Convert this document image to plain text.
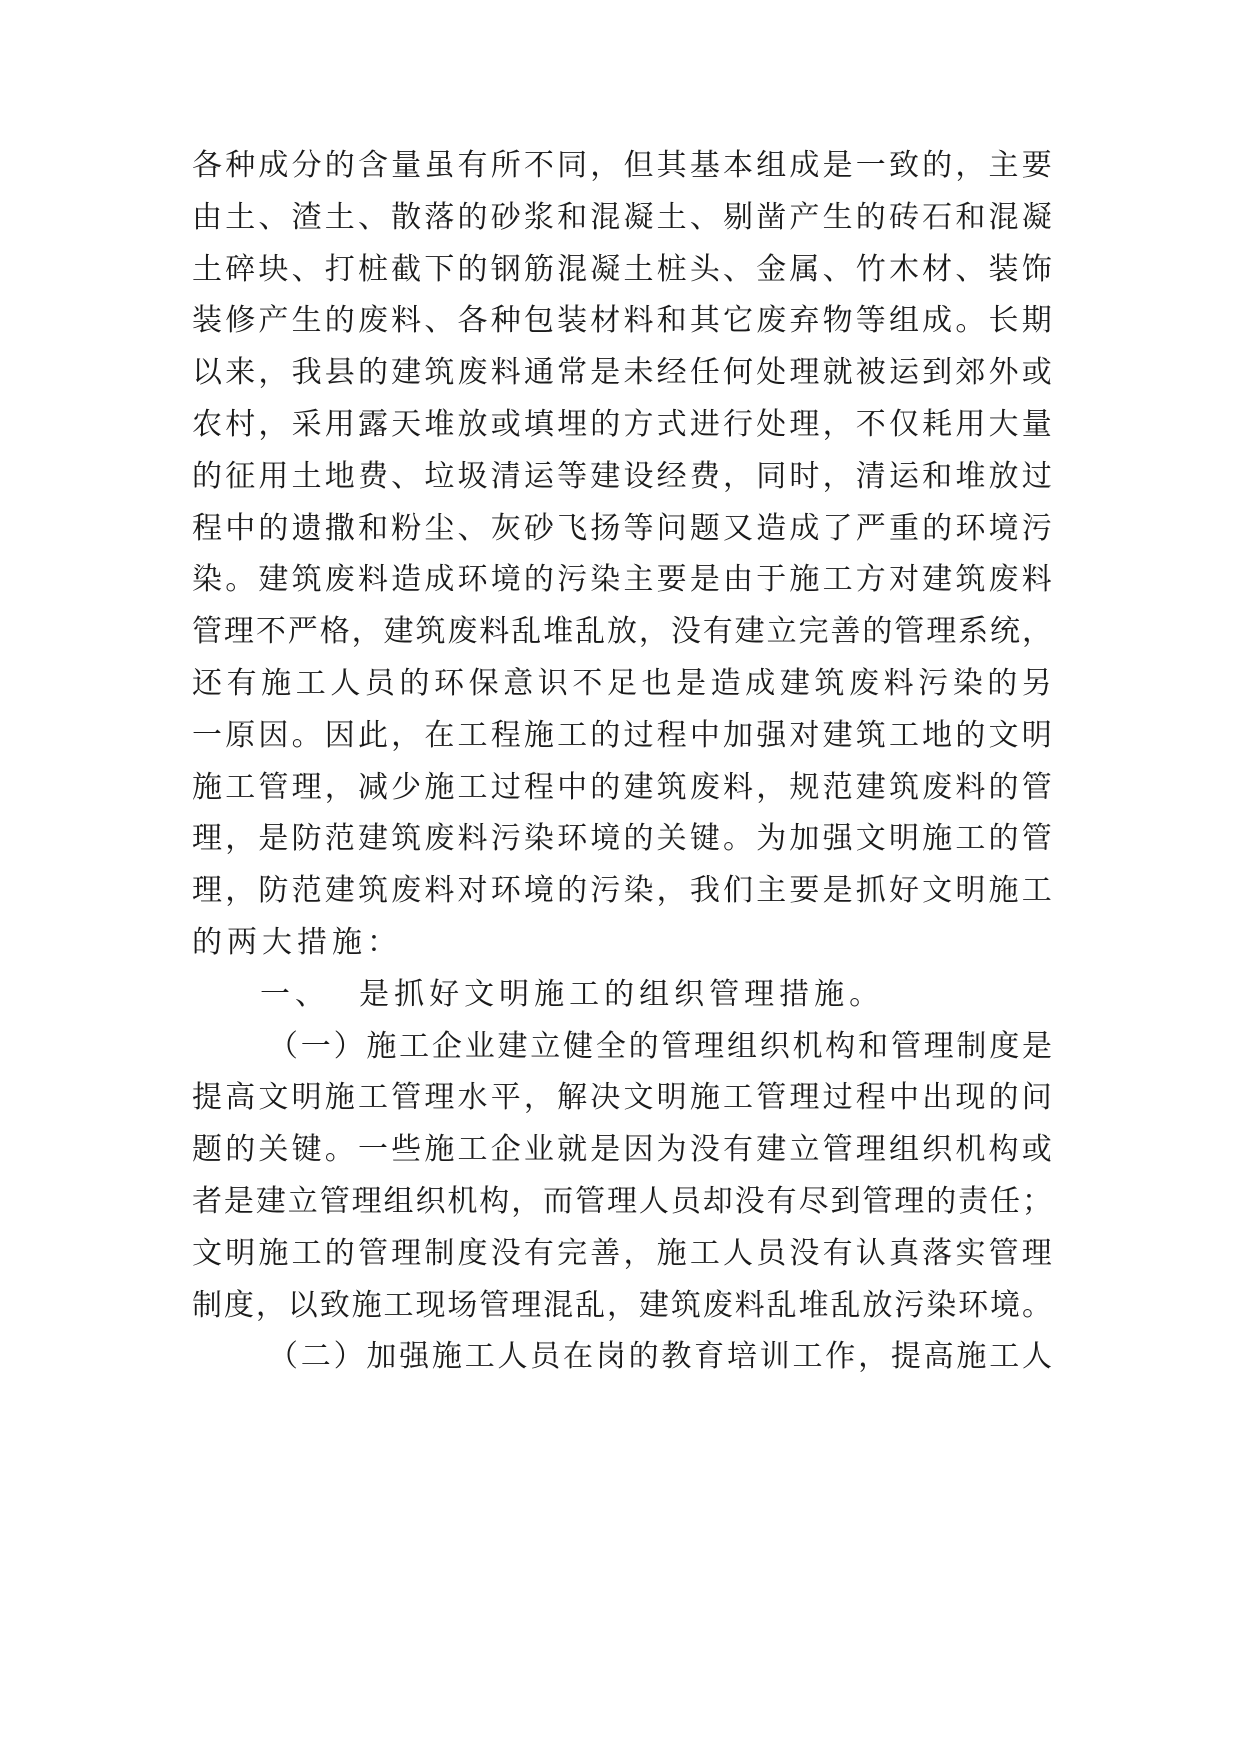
各 种 成 分 的 含 量 虽 有 所 不 同 ， 但 其 基 本 组 成 是 一 致 的 ， 主 要
由 土 、 渣 土 、 散 落 的 砂 浆 和 混 凝 土 、 剔 凿 产 生 的 砖 石 和 混 凝
土 碎 块 、 打 桩 截 下 的 钢 筋 混 凝 土 桩 头 、 金 属 、 竹 木 材 、 装 饰
装 修 产 生 的 废 料 、 各 种 包 装 材 料 和 其 它 废 弃 物 等 组 成 。 长 期
以 来 ， 我 县 的 建 筑 废 料 通 常 是 未 经 任 何 处 理 就 被 运 到 郊 外 或
农 村 ， 采 用 露 天 堆 放 或 填 埋 的 方 式 进 行 处 理 ， 不 仅 耗 用 大 量
的 征 用 土 地 费 、 垃 圾 清 运 等 建 设 经 费 ， 同 时 ， 清 运 和 堆 放 过
程 中 的 遗 撒 和 粉 尘 、 灰 砂 飞 扬 等 问 题 又 造 成 了 严 重 的 环 境 污
染 。 建 筑 废 料 造 成 环 境 的 污 染 主 要 是 由 于 施 工 方 对 建 筑 废 料
管 理 不 严 格 ， 建 筑 废 料 乱 堆 乱 放 ， 没 有 建 立 完 善 的 管 理 系 统 ，
还 有 施 工 人 员 的 环 保 意 识 不 足 也 是 造 成 建 筑 废 料 污 染 的 另
一 原 因 。 因 此 ， 在 工 程 施 工 的 过 程 中 加 强 对 建 筑 工 地 的 文 明
施 工 管 理 ， 减 少 施 工 过 程 中 的 建 筑 废 料 ， 规 范 建 筑 废 料 的 管
理 ， 是 防 范 建 筑 废 料 污 染 环 境 的 关 键 。 为 加 强 文 明 施 工 的 管
理 ， 防 范 建 筑 废 料 对 环 境 的 污 染 ， 我 们 主 要 是 抓 好 文 明 施 工
的两大措施：
一、  是抓好文明施工的组织管理措施。
（ 一 ） 施 工 企 业 建 立 健 全 的 管 理 组 织 机 构 和 管 理 制 度 是
提 高 文 明 施 工 管 理 水 平 ， 解 决 文 明 施 工 管 理 过 程 中 出 现 的 问
题 的 关 键 。 一 些 施 工 企 业 就 是 因 为 没 有 建 立 管 理 组 织 机 构 或
者 是 建 立 管 理 组 织 机 构 ， 而 管 理 人 员 却 没 有 尽 到 管 理 的 责 任 ；
文 明 施 工 的 管 理 制 度 没 有 完 善 ， 施 工 人 员 没 有 认 真 落 实 管 理
制 度 ， 以 致 施 工 现 场 管 理 混 乱 ， 建 筑 废 料 乱 堆 乱 放 污 染 环 境 。
（ 二 ） 加 强 施 工 人 员 在 岗 的 教 育 培 训 工 作 ， 提 高 施 工 人
